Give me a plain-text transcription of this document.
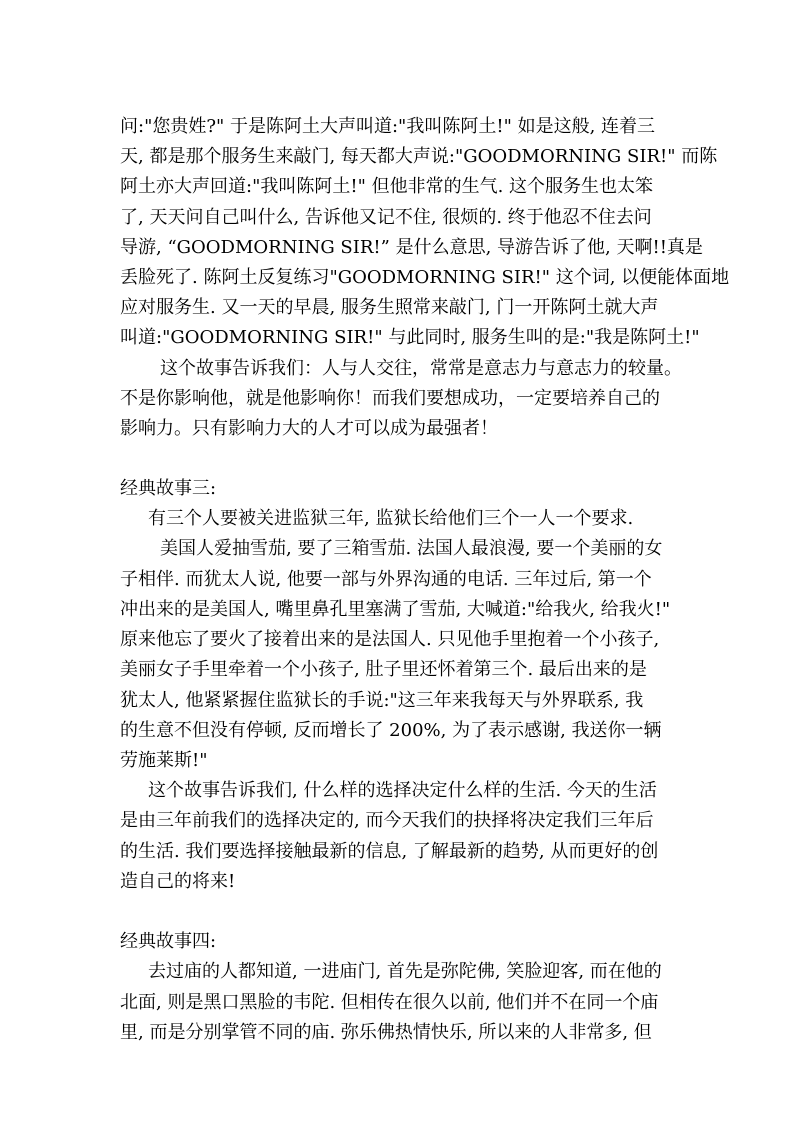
问:"您贵姓?" 于是陈阿土大声叫道:"我叫陈阿土!" 如是这般, 连着三
天, 都是那个服务生来敲门, 每天都大声说:"GOODMORNING SIR!" 而陈
阿土亦大声回道:"我叫陈阿土!" 但他非常的生气. 这个服务生也太笨
了, 天天问自己叫什么, 告诉他又记不住, 很烦的. 终于他忍不住去问
导游, “GOODMORNING SIR!” 是什么意思, 导游告诉了他, 天啊!!真是
丢脸死了. 陈阿土反复练习"GOODMORNING SIR!" 这个词, 以便能体面地
应对服务生. 又一天的早晨, 服务生照常来敲门, 门一开陈阿土就大声
叫道:"GOODMORNING SIR!" 与此同时, 服务生叫的是:"我是陈阿土!"
这个故事告诉我们：人与人交往，常常是意志力与意志力的较量。
不是你影响他，就是他影响你！而我们要想成功，一定要培养自己的
影响力。只有影响力大的人才可以成为最强者！
经典故事三:
有三个人要被关进监狱三年, 监狱长给他们三个一人一个要求.
美国人爱抽雪茄, 要了三箱雪茄. 法国人最浪漫, 要一个美丽的女
子相伴. 而犹太人说, 他要一部与外界沟通的电话. 三年过后, 第一个
冲出来的是美国人, 嘴里鼻孔里塞满了雪茄, 大喊道:"给我火, 给我火!"
原来他忘了要火了接着出来的是法国人. 只见他手里抱着一个小孩子,
美丽女子手里牵着一个小孩子, 肚子里还怀着第三个. 最后出来的是
犹太人, 他紧紧握住监狱长的手说:"这三年来我每天与外界联系, 我
的生意不但没有停顿, 反而增长了 200%, 为了表示感谢, 我送你一辆
劳施莱斯!"
这个故事告诉我们, 什么样的选择决定什么样的生活. 今天的生活
是由三年前我们的选择决定的, 而今天我们的抉择将决定我们三年后
的生活. 我们要选择接触最新的信息, 了解最新的趋势, 从而更好的创
造自己的将来!
经典故事四:
去过庙的人都知道, 一进庙门, 首先是弥陀佛, 笑脸迎客, 而在他的
北面, 则是黑口黑脸的韦陀. 但相传在很久以前, 他们并不在同一个庙
里, 而是分别掌管不同的庙. 弥乐佛热情快乐, 所以来的人非常多, 但
